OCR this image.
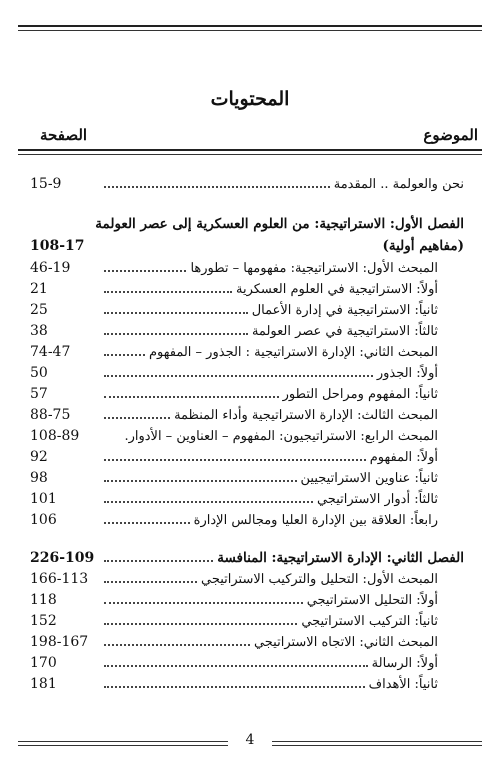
المحتويات
الموضوع
الصفحة
نحن والعولمة .. المقدمة
15-9
الفصل الأول: الاستراتيجية: من العلوم العسكرية إلى عصر العولمة
(مفاهيم أولية)
108-17
المبحث الأول: الاستراتيجية: مفهومها – تطورها
46-19
أولاً: الاستراتيجية في العلوم العسكرية
21
ثانياً: الاستراتيجية في إدارة الأعمال
25
ثالثاً: الاستراتيجية في عصر العولمة
38
المبحث الثاني: الإدارة الاستراتيجية : الجذور – المفهوم
74-47
أولاً: الجذور
50
ثانياً: المفهوم ومراحل التطور
57
المبحث الثالث: الإدارة الاستراتيجية وأداء المنظمة
88-75
المبحث الرابع: الاستراتيجيون: المفهوم – العناوين – الأدوار.
108-89
أولاً: المفهوم
92
ثانياً: عناوين الاستراتيجيين
98
ثالثاً: أدوار الاستراتيجي
101
رابعاً: العلاقة بين الإدارة العليا ومجالس الإدارة
106
الفصل الثاني: الإدارة الاستراتيجية: المنافسة
226-109
المبحث الأول: التحليل والتركيب الاستراتيجي
166-113
أولاً: التحليل الاستراتيجي
118
ثانياً: التركيب الاستراتيجي
152
المبحث الثاني: الاتجاه الاستراتيجي
198-167
أولاً: الرسالة
170
ثانياً: الأهداف
181
4
